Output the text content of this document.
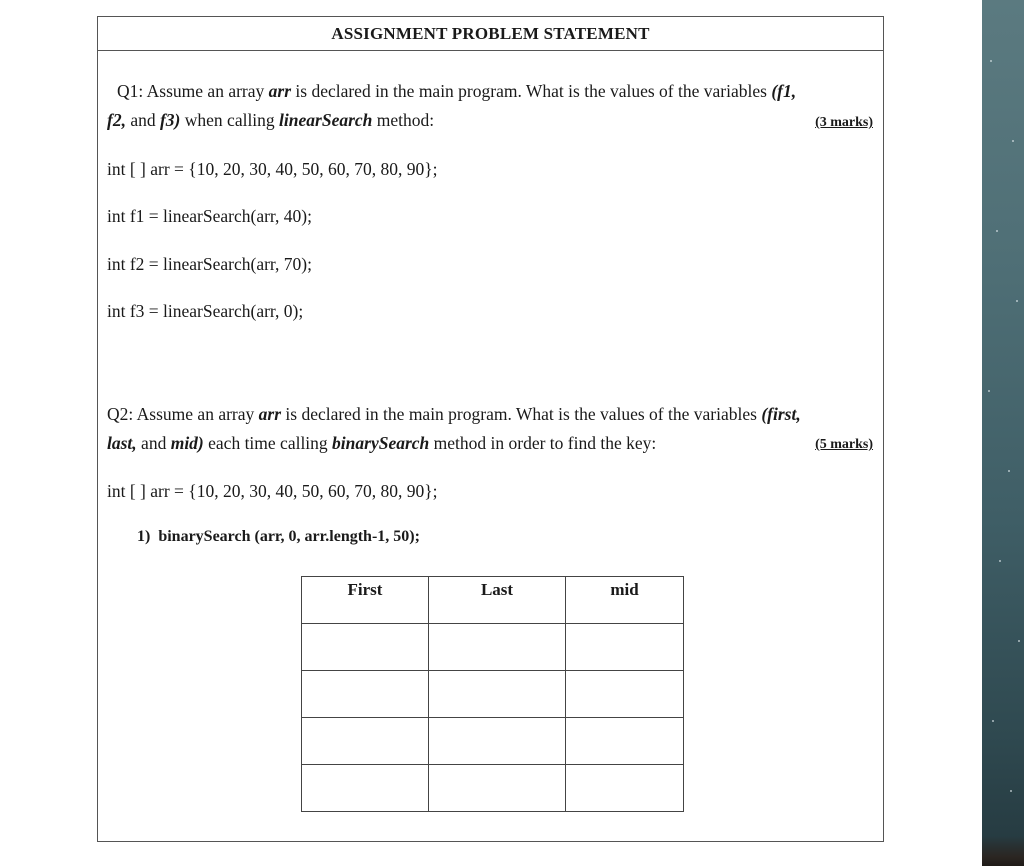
ASSIGNMENT PROBLEM STATEMENT
Q1: Assume an array arr is declared in the main program. What is the values of the variables (f1,
f2, and f3) when calling linearSearch method:	(3 marks)
int [ ] arr = {10, 20, 30, 40, 50, 60, 70, 80, 90};
int f1 = linearSearch(arr, 40);
int f2 = linearSearch(arr, 70);
int f3 = linearSearch(arr, 0);
Q2: Assume an array arr is declared in the main program. What is the values of the variables (first,
last, and mid) each time calling binarySearch method in order to find the key:	(5 marks)
int [ ] arr = {10, 20, 30, 40, 50, 60, 70, 80, 90};
1) binarySearch (arr, 0, arr.length-1, 50);
First	Last	mid
